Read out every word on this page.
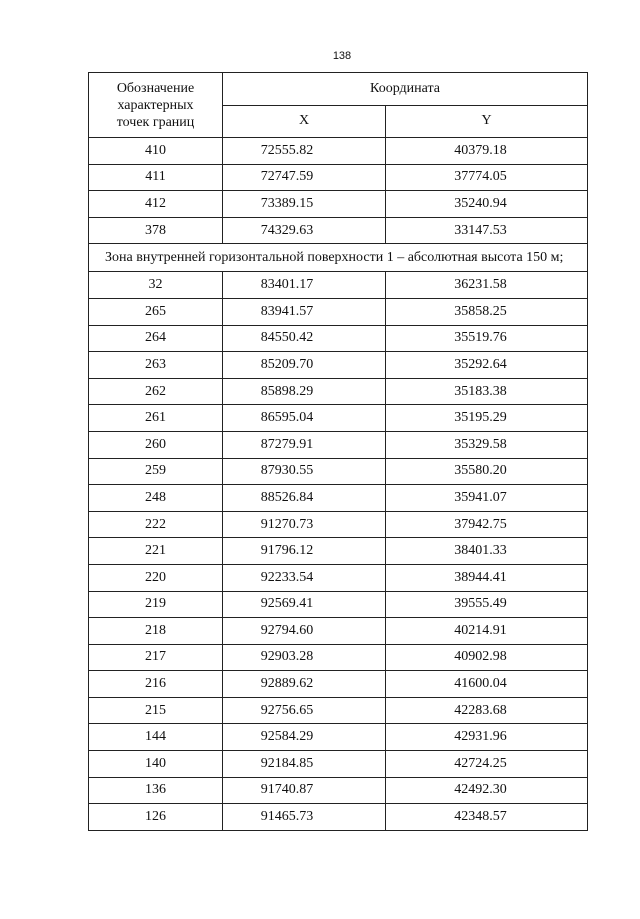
138
Обозначение
характерных
точек границ	Координата	
	X	Y
410	72555.82	40379.18
411	72747.59	37774.05
412	73389.15	35240.94
378	74329.63	33147.53
Зона внутренней горизонтальной поверхности 1 – абсолютная высота 150 м;		
32	83401.17	36231.58
265	83941.57	35858.25
264	84550.42	35519.76
263	85209.70	35292.64
262	85898.29	35183.38
261	86595.04	35195.29
260	87279.91	35329.58
259	87930.55	35580.20
248	88526.84	35941.07
222	91270.73	37942.75
221	91796.12	38401.33
220	92233.54	38944.41
219	92569.41	39555.49
218	92794.60	40214.91
217	92903.28	40902.98
216	92889.62	41600.04
215	92756.65	42283.68
144	92584.29	42931.96
140	92184.85	42724.25
136	91740.87	42492.30
126	91465.73	42348.57
